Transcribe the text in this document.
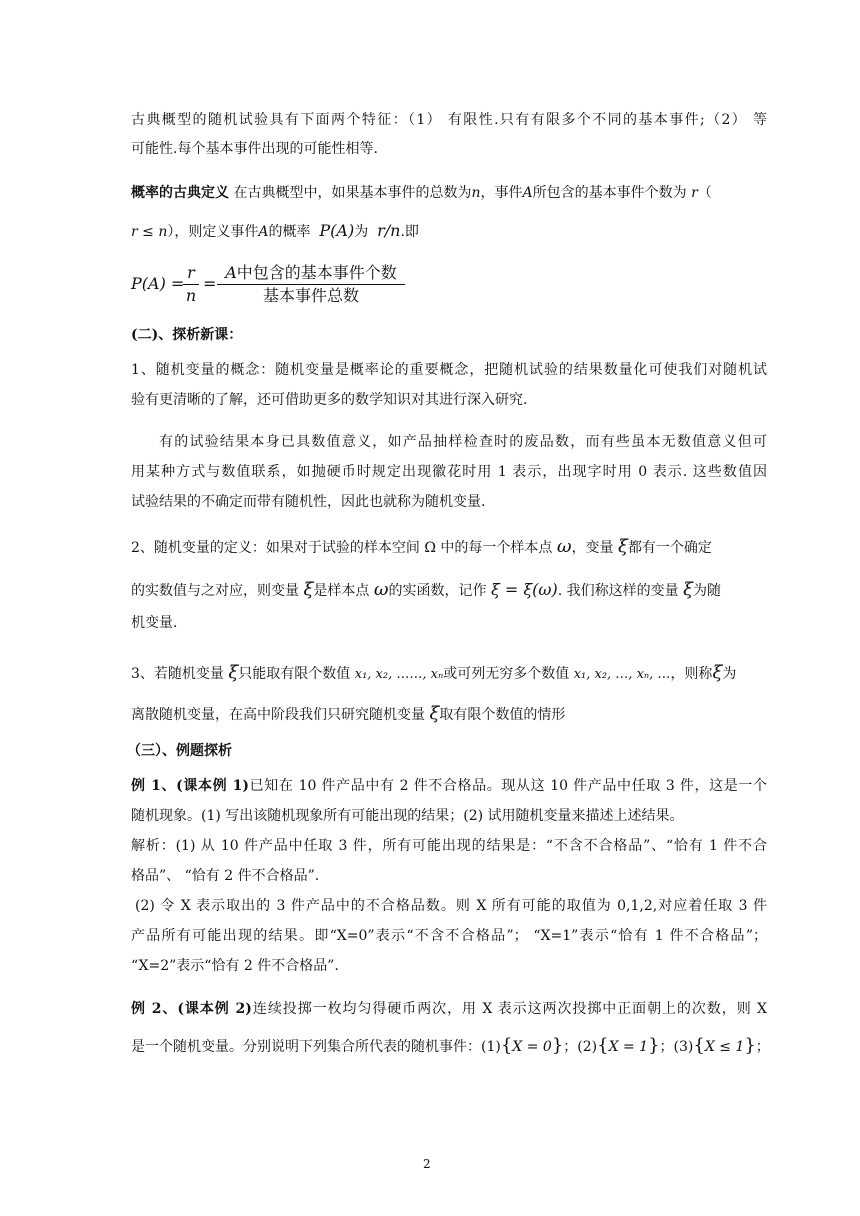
古典概型的随机试验具有下面两个特征：（1） 有限性.只有有限多个不同的基本事件;（2） 等
可能性.每个基本事件出现的可能性相等.
概率的古典定义 在古典概型中，如果基本事件的总数为n，事件A所包含的基本事件个数为 r（
r ≤ n），则定义事件A的概率 P(A)为 r/n.即
P(A) =
$\frac{r}{n}$ =
A中包含的基本事件个数
基本事件总数
(二)、探析新课：
1、随机变量的概念：随机变量是概率论的重要概念，把随机试验的结果数量化可使我们对随机试
验有更清晰的了解，还可借助更多的数学知识对其进行深入研究.
有的试验结果本身已具数值意义，如产品抽样检查时的废品数，而有些虽本无数值意义但可
用某种方式与数值联系，如抛硬币时规定出现徽花时用 1 表示，出现字时用 0 表示. 这些数值因
试验结果的不确定而带有随机性，因此也就称为随机变量.
2、随机变量的定义：如果对于试验的样本空间 Ω 中的每一个样本点 ω，变量 ξ都有一个确定
的实数值与之对应，则变量 ξ是样本点 ω的实函数，记作 ξ = ξ(ω). 我们称这样的变量 ξ为随
机变量.
3、若随机变量 ξ只能取有限个数值 x₁, x₂, ……, xₙ或可列无穷多个数值 x₁, x₂, …, xₙ, …，则称ξ为
离散随机变量，在高中阶段我们只研究随机变量 ξ取有限个数值的情形
（三）、例题探析
例 1、(课本例 1)已知在 10 件产品中有 2 件不合格品。现从这 10 件产品中任取 3 件，这是一个
随机现象。(1) 写出该随机现象所有可能出现的结果；(2) 试用随机变量来描述上述结果。
解析：(1) 从 10 件产品中任取 3 件，所有可能出现的结果是：“不含不合格品”、“恰有 1 件不合
格品”、 “恰有 2 件不合格品”.
(2) 令 X 表示取出的 3 件产品中的不合格品数。则 X 所有可能的取值为 0,1,2,对应着任取 3 件
产品所有可能出现的结果。即“X=0”表示“不含不合格品”； “X=1”表示“恰有 1 件不合格品”；
“X=2”表示“恰有 2 件不合格品”.
例 2、(课本例 2)连续投掷一枚均匀得硬币两次，用 X 表示这两次投掷中正面朝上的次数，则 X
是一个随机变量。分别说明下列集合所代表的随机事件：(1){X = 0}；(2){X = 1}；(3){X ≤ 1}；
2
